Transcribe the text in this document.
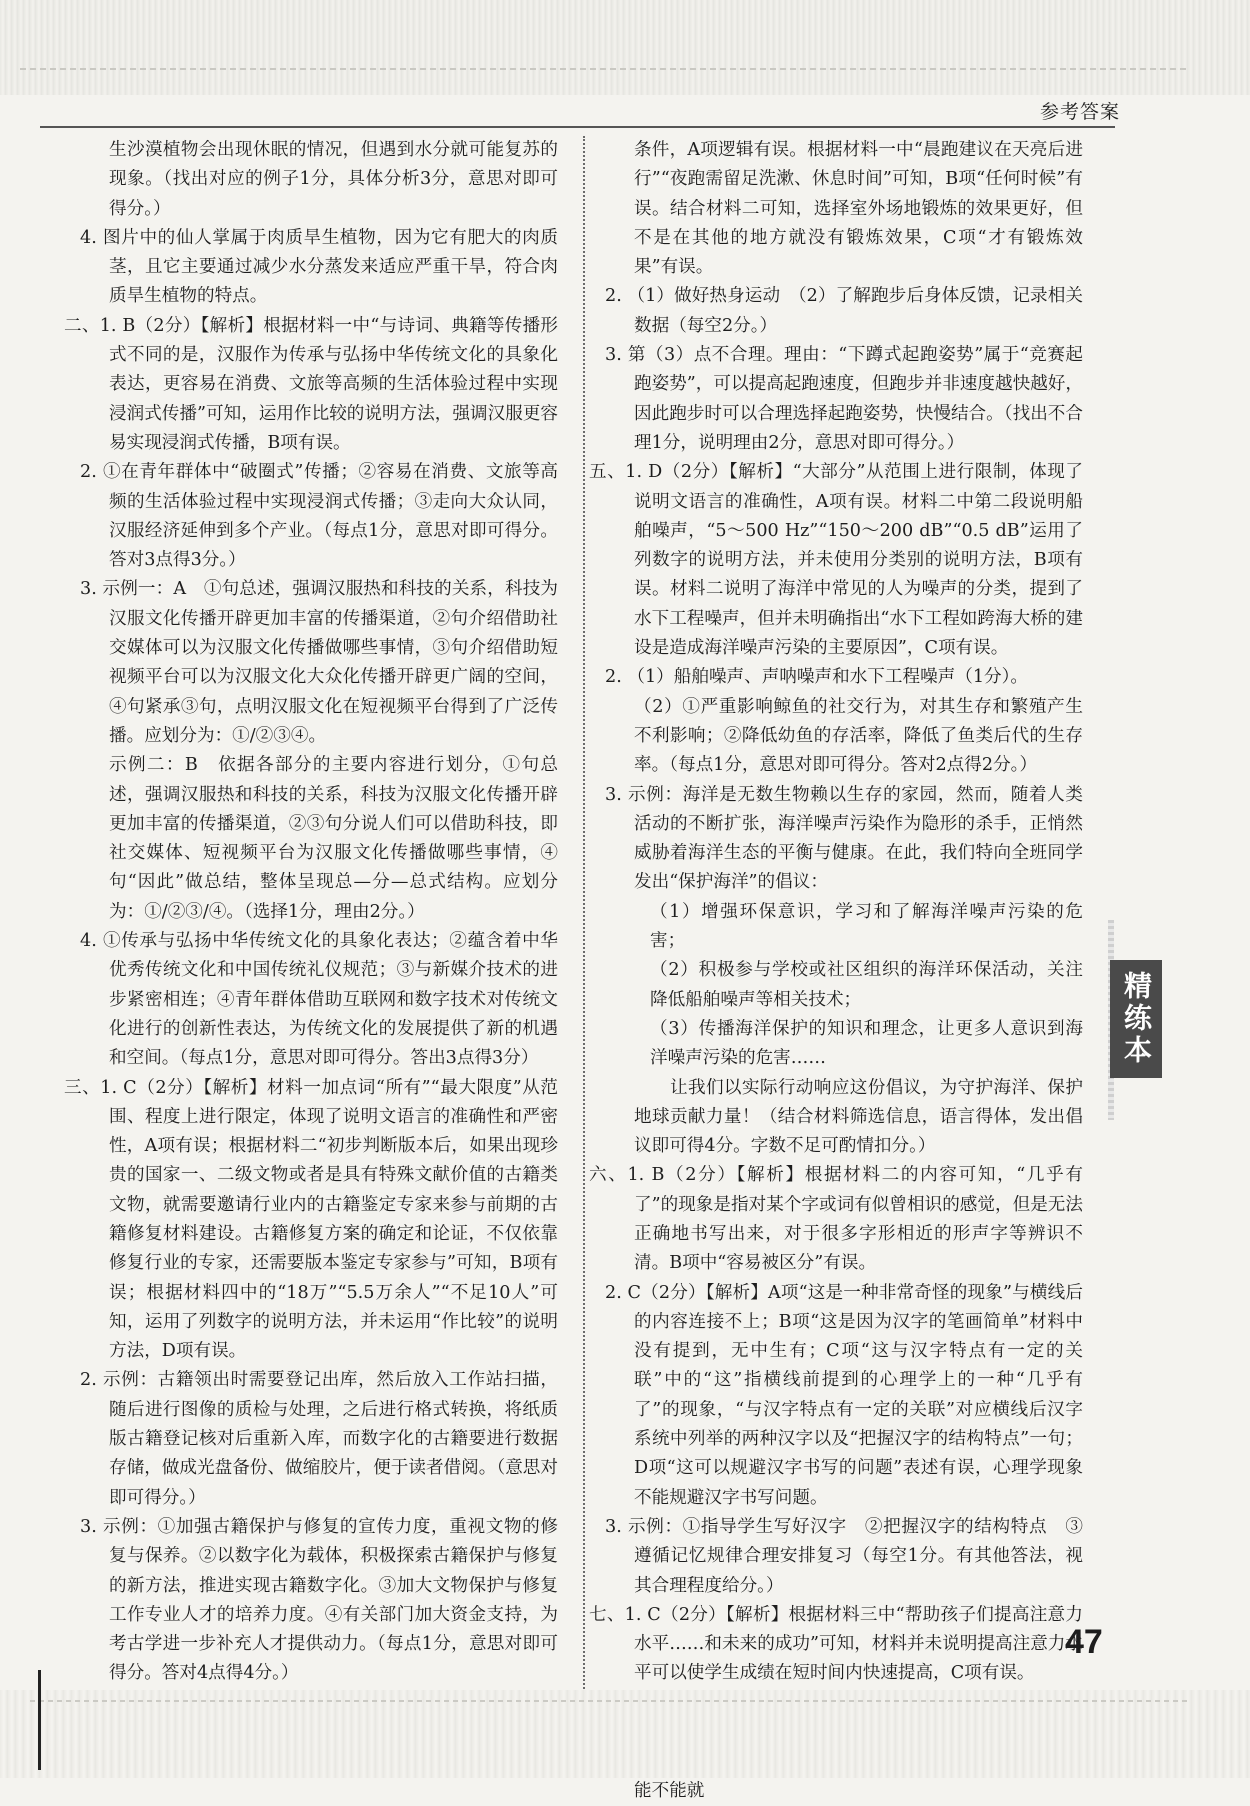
参考答案

生沙漠植物会出现休眠的情况，但遇到水分就可能复苏的现象。（找出对应的例子1分，具体分析3分，意思对即可得分。）

4. 图片中的仙人掌属于肉质旱生植物，因为它有肥大的肉质茎，且它主要通过减少水分蒸发来适应严重干旱，符合肉质旱生植物的特点。

二、1. B（2分）【解析】根据材料一中“与诗词、典籍等传播形式不同的是，汉服作为传承与弘扬中华传统文化的具象化表达，更容易在消费、文旅等高频的生活体验过程中实现浸润式传播”可知，运用作比较的说明方法，强调汉服更容易实现浸润式传播，B项有误。

2. ①在青年群体中“破圈式”传播；②容易在消费、文旅等高频的生活体验过程中实现浸润式传播；③走向大众认同，汉服经济延伸到多个产业。（每点1分，意思对即可得分。答对3点得3分。）

3. 示例一：A　①句总述，强调汉服热和科技的关系，科技为汉服文化传播开辟更加丰富的传播渠道，②句介绍借助社交媒体可以为汉服文化传播做哪些事情，③句介绍借助短视频平台可以为汉服文化大众化传播开辟更广阔的空间，④句紧承③句，点明汉服文化在短视频平台得到了广泛传播。应划分为：①/②③④。

示例二：B　依据各部分的主要内容进行划分，①句总述，强调汉服热和科技的关系，科技为汉服文化传播开辟更加丰富的传播渠道，②③句分说人们可以借助科技，即社交媒体、短视频平台为汉服文化传播做哪些事情，④句“因此”做总结，整体呈现总—分—总式结构。应划分为：①/②③/④。（选择1分，理由2分。）

4. ①传承与弘扬中华传统文化的具象化表达；②蕴含着中华优秀传统文化和中国传统礼仪规范；③与新媒介技术的进步紧密相连；④青年群体借助互联网和数字技术对传统文化进行的创新性表达，为传统文化的发展提供了新的机遇和空间。（每点1分，意思对即可得分。答出3点得3分）

三、1. C（2分）【解析】材料一加点词“所有”“最大限度”从范围、程度上进行限定，体现了说明文语言的准确性和严密性，A项有误；根据材料二“初步判断版本后，如果出现珍贵的国家一、二级文物或者是具有特殊文献价值的古籍类文物，就需要邀请行业内的古籍鉴定专家来参与前期的古籍修复材料建设。古籍修复方案的确定和论证，不仅依靠修复行业的专家，还需要版本鉴定专家参与”可知，B项有误；根据材料四中的“18万”“5.5万余人”“不足10人”可知，运用了列数字的说明方法，并未运用“作比较”的说明方法，D项有误。

2. 示例：古籍领出时需要登记出库，然后放入工作站扫描，随后进行图像的质检与处理，之后进行格式转换，将纸质版古籍登记核对后重新入库，而数字化的古籍要进行数据存储，做成光盘备份、做缩胶片，便于读者借阅。（意思对即可得分。）

3. 示例：①加强古籍保护与修复的宣传力度，重视文物的修复与保养。②以数字化为载体，积极探索古籍保护与修复的新方法，推进实现古籍数字化。③加大文物保护与修复工作专业人才的培养力度。④有关部门加大资金支持，为考古学进一步补充人才提供动力。（每点1分，意思对即可得分。答对4点得4分。）

条件，A项逻辑有误。根据材料一中“晨跑建议在天亮后进行”“夜跑需留足洗漱、休息时间”可知，B项“任何时候”有误。结合材料二可知，选择室外场地锻炼的效果更好，但不是在其他的地方就没有锻炼效果，C项“才有锻炼效果”有误。

2. （1）做好热身运动　（2）了解跑步后身体反馈，记录相关数据（每空2分。）

3. 第（3）点不合理。理由：“下蹲式起跑姿势”属于“竞赛起跑姿势”，可以提高起跑速度，但跑步并非速度越快越好，因此跑步时可以合理选择起跑姿势，快慢结合。（找出不合理1分，说明理由2分，意思对即可得分。）

五、1. D（2分）【解析】“大部分”从范围上进行限制，体现了说明文语言的准确性，A项有误。材料二中第二段说明船舶噪声，“5～500 Hz”“150～200 dB”“0.5 dB”运用了列数字的说明方法，并未使用分类别的说明方法，B项有误。材料二说明了海洋中常见的人为噪声的分类，提到了水下工程噪声，但并未明确指出“水下工程如跨海大桥的建设是造成海洋噪声污染的主要原因”，C项有误。

2. （1）船舶噪声、声呐噪声和水下工程噪声（1分）。

（2）①严重影响鲸鱼的社交行为，对其生存和繁殖产生不利影响；②降低幼鱼的存活率，降低了鱼类后代的生存率。（每点1分，意思对即可得分。答对2点得2分。）

3. 示例：海洋是无数生物赖以生存的家园，然而，随着人类活动的不断扩张，海洋噪声污染作为隐形的杀手，正悄然威胁着海洋生态的平衡与健康。在此，我们特向全班同学发出“保护海洋”的倡议：

（1）增强环保意识，学习和了解海洋噪声污染的危害；

（2）积极参与学校或社区组织的海洋环保活动，关注降低船舶噪声等相关技术；

（3）传播海洋保护的知识和理念，让更多人意识到海洋噪声污染的危害……

让我们以实际行动响应这份倡议，为守护海洋、保护地球贡献力量！（结合材料筛选信息，语言得体，发出倡议即可得4分。字数不足可酌情扣分。）

六、1. B（2分）【解析】根据材料二的内容可知，“几乎有了”的现象是指对某个字或词有似曾相识的感觉，但是无法正确地书写出来，对于很多字形相近的形声字等辨识不清。B项中“容易被区分”有误。

2. C（2分）【解析】A项“这是一种非常奇怪的现象”与横线后的内容连接不上；B项“这是因为汉字的笔画简单”材料中没有提到，无中生有；C项“这与汉字特点有一定的关联”中的“这”指横线前提到的心理学上的一种“几乎有了”的现象，“与汉字特点有一定的关联”对应横线后汉字系统中列举的两种汉字以及“把握汉字的结构特点”一句；D项“这可以规避汉字书写的问题”表述有误，心理学现象不能规避汉字书写问题。

3. 示例：①指导学生写好汉字　②把握汉字的结构特点　③遵循记忆规律合理安排复习（每空1分。有其他答法，视其合理程度给分。）

七、1. C（2分）【解析】根据材料三中“帮助孩子们提高注意力水平……和未来的成功”可知，材料并未说明提高注意力水平可以使学生成绩在短时间内快速提高，C项有误。

　能不能就

精练本
47
